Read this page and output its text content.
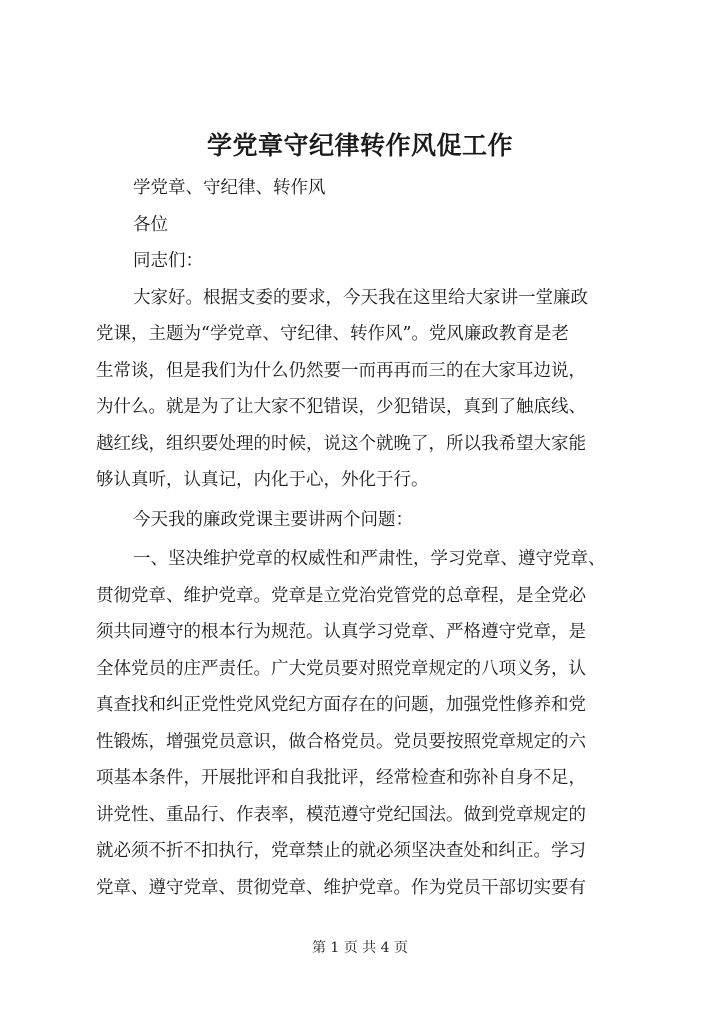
学党章守纪律转作风促工作
学党章、守纪律、转作风
各位
同志们：
大家好。根据支委的要求，今天我在这里给大家讲一堂廉政
党课，主题为“学党章、守纪律、转作风”。党风廉政教育是老
生常谈，但是我们为什么仍然要一而再再而三的在大家耳边说，
为什么。就是为了让大家不犯错误，少犯错误，真到了触底线、
越红线，组织要处理的时候，说这个就晚了，所以我希望大家能
够认真听，认真记，内化于心，外化于行。
今天我的廉政党课主要讲两个问题：
一、坚决维护党章的权威性和严肃性，学习党章、遵守党章、
贯彻党章、维护党章。党章是立党治党管党的总章程，是全党必
须共同遵守的根本行为规范。认真学习党章、严格遵守党章，是
全体党员的庄严责任。广大党员要对照党章规定的八项义务，认
真查找和纠正党性党风党纪方面存在的问题，加强党性修养和党
性锻炼，增强党员意识，做合格党员。党员要按照党章规定的六
项基本条件，开展批评和自我批评，经常检查和弥补自身不足，
讲党性、重品行、作表率，模范遵守党纪国法。做到党章规定的
就必须不折不扣执行，党章禁止的就必须坚决查处和纠正。学习
党章、遵守党章、贯彻党章、维护党章。作为党员干部切实要有
第 1 页 共 4 页
